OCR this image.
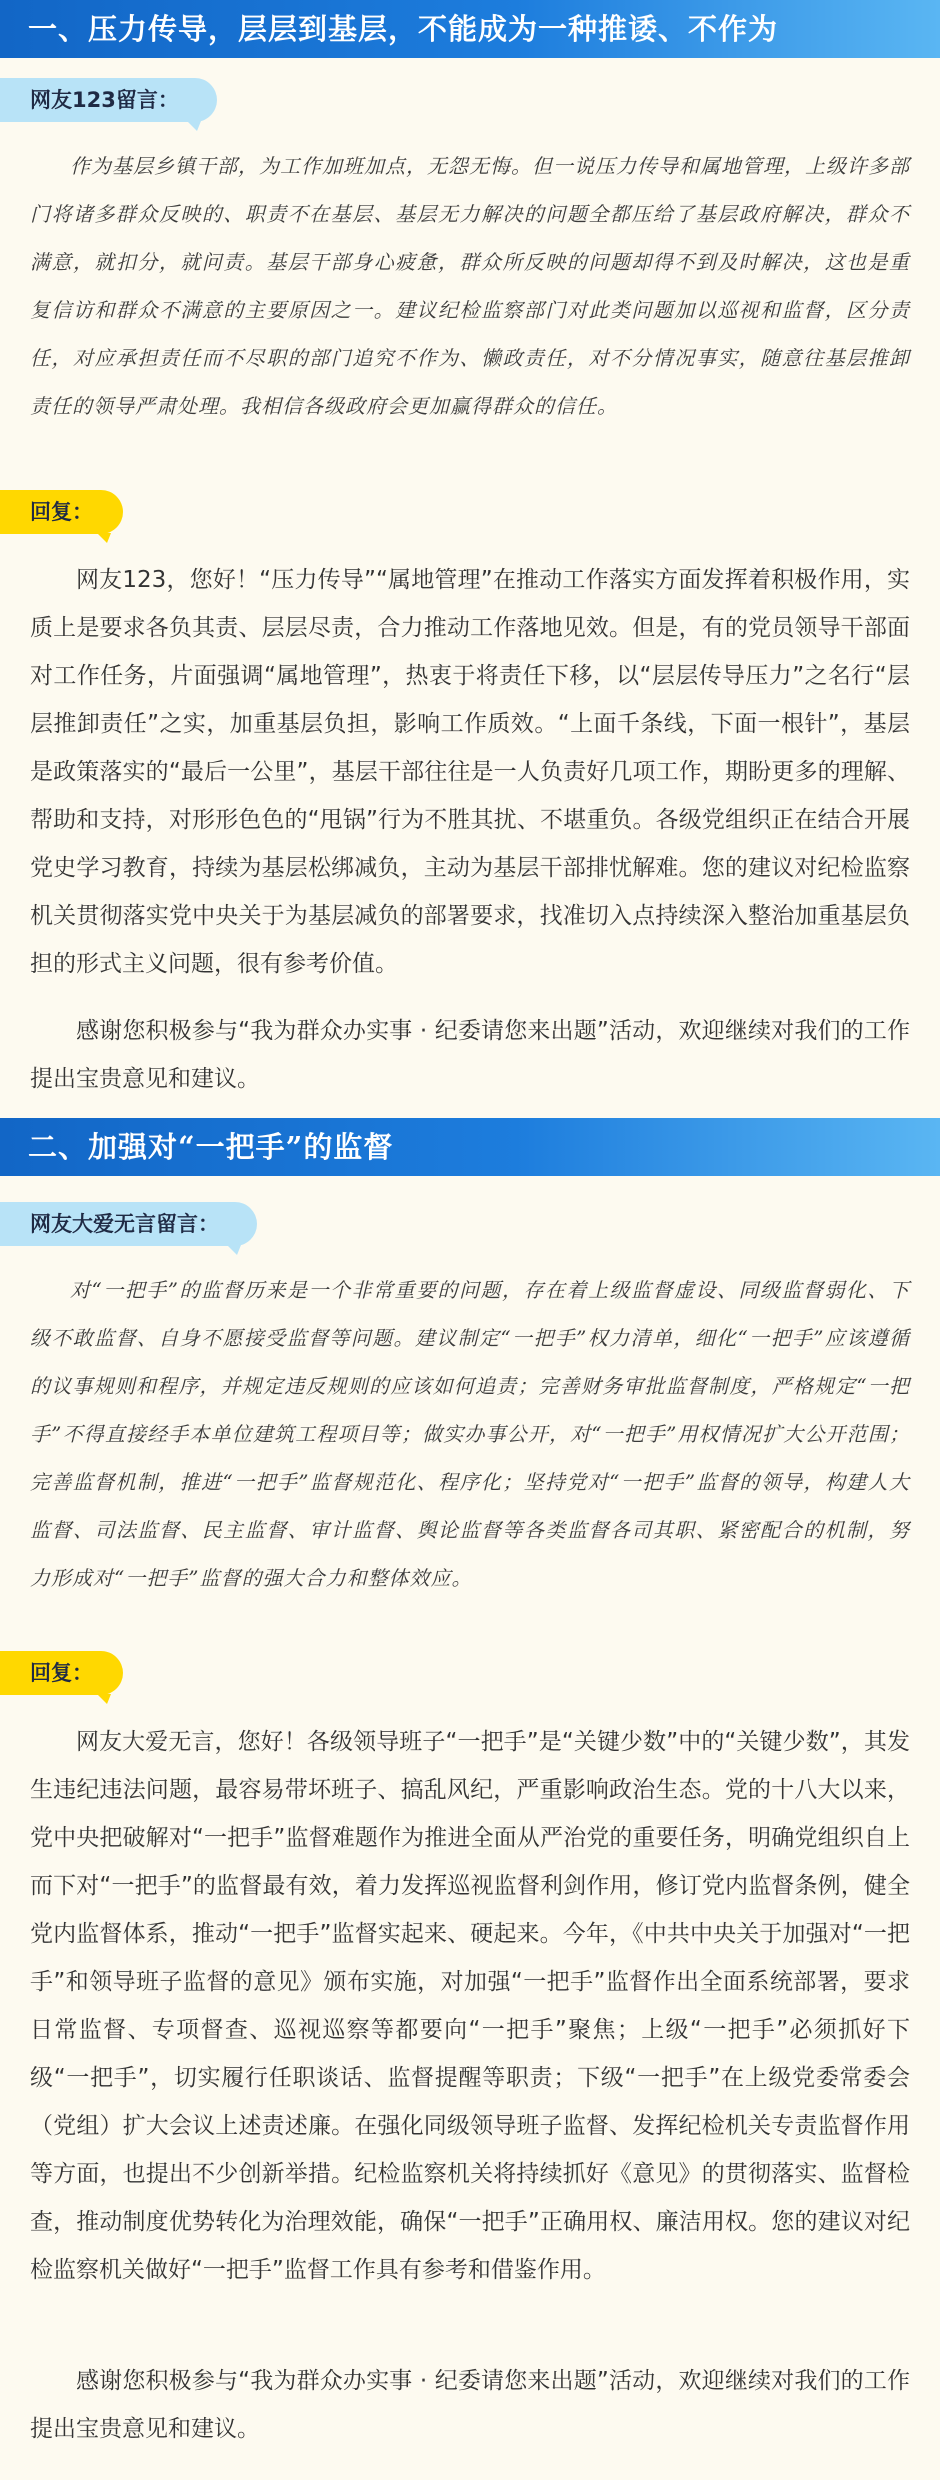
一、压力传导，层层到基层，不能成为一种推诿、不作为
网友123留言：

作为基层乡镇干部，为工作加班加点，无怨无悔。但一说压力传导和属地管理，上级许多部门将诸多群众反映的、职责不在基层、基层无力解决的问题全都压给了基层政府解决，群众不满意，就扣分，就问责。基层干部身心疲惫，群众所反映的问题却得不到及时解决，这也是重复信访和群众不满意的主要原因之一。建议纪检监察部门对此类问题加以巡视和监督，区分责任，对应承担责任而不尽职的部门追究不作为、懒政责任，对不分情况事实，随意往基层推卸责任的领导严肃处理。我相信各级政府会更加赢得群众的信任。

回复：

网友123，您好！“压力传导”“属地管理”在推动工作落实方面发挥着积极作用，实质上是要求各负其责、层层尽责，合力推动工作落地见效。但是，有的党员领导干部面对工作任务，片面强调“属地管理”，热衷于将责任下移，以“层层传导压力”之名行“层层推卸责任”之实，加重基层负担，影响工作质效。“上面千条线，下面一根针”，基层是政策落实的“最后一公里”，基层干部往往是一人负责好几项工作，期盼更多的理解、帮助和支持，对形形色色的“甩锅”行为不胜其扰、不堪重负。各级党组织正在结合开展党史学习教育，持续为基层松绑减负，主动为基层干部排忧解难。您的建议对纪检监察机关贯彻落实党中央关于为基层减负的部署要求，找准切入点持续深入整治加重基层负担的形式主义问题，很有参考价值。

感谢您积极参与“我为群众办实事 · 纪委请您来出题”活动，欢迎继续对我们的工作提出宝贵意见和建议。

二、加强对“一把手”的监督
网友大爱无言留言：

对“一把手”的监督历来是一个非常重要的问题，存在着上级监督虚设、同级监督弱化、下级不敢监督、自身不愿接受监督等问题。建议制定“一把手”权力清单，细化“一把手”应该遵循的议事规则和程序，并规定违反规则的应该如何追责；完善财务审批监督制度，严格规定“一把手”不得直接经手本单位建筑工程项目等；做实办事公开，对“一把手”用权情况扩大公开范围；完善监督机制，推进“一把手”监督规范化、程序化；坚持党对“一把手”监督的领导，构建人大监督、司法监督、民主监督、审计监督、舆论监督等各类监督各司其职、紧密配合的机制，努力形成对“一把手”监督的强大合力和整体效应。

回复：

网友大爱无言，您好！各级领导班子“一把手”是“关键少数”中的“关键少数”，其发生违纪违法问题，最容易带坏班子、搞乱风纪，严重影响政治生态。党的十八大以来，党中央把破解对“一把手”监督难题作为推进全面从严治党的重要任务，明确党组织自上而下对“一把手”的监督最有效，着力发挥巡视监督利剑作用，修订党内监督条例，健全党内监督体系，推动“一把手”监督实起来、硬起来。今年，《中共中央关于加强对“一把手”和领导班子监督的意见》颁布实施，对加强“一把手”监督作出全面系统部署，要求日常监督、专项督查、巡视巡察等都要向“一把手”聚焦；上级“一把手”必须抓好下级“一把手”，切实履行任职谈话、监督提醒等职责；下级“一把手”在上级党委常委会（党组）扩大会议上述责述廉。在强化同级领导班子监督、发挥纪检机关专责监督作用等方面，也提出不少创新举措。纪检监察机关将持续抓好《意见》的贯彻落实、监督检查，推动制度优势转化为治理效能，确保“一把手”正确用权、廉洁用权。您的建议对纪检监察机关做好“一把手”监督工作具有参考和借鉴作用。

感谢您积极参与“我为群众办实事 · 纪委请您来出题”活动，欢迎继续对我们的工作提出宝贵意见和建议。
